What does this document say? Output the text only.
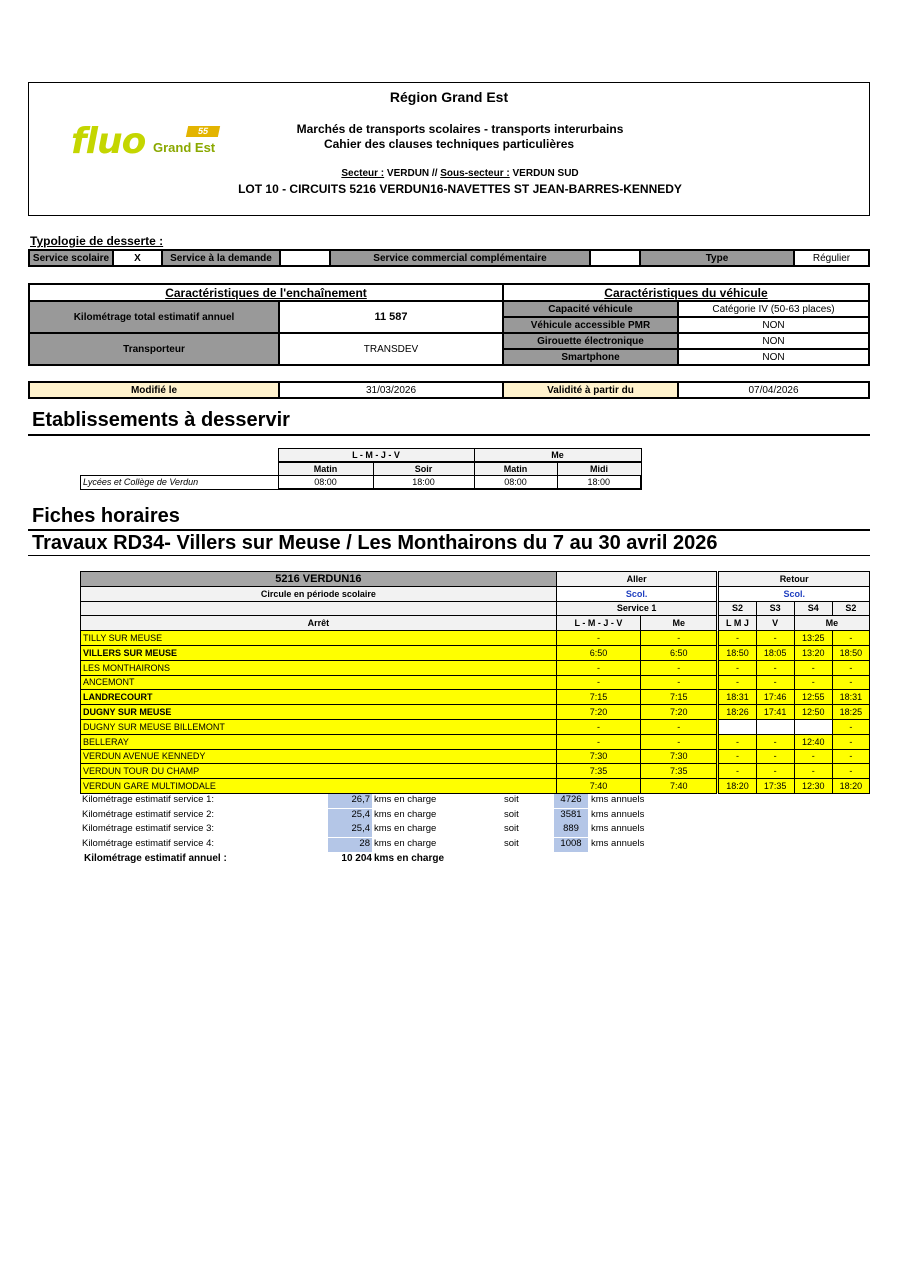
Région Grand Est
fluo	55
Grand Est
Marchés de transports scolaires - transports interurbains
Cahier des clauses techniques particulières
Secteur : VERDUN // Sous-secteur : VERDUN SUD
LOT 10 - CIRCUITS 5216 VERDUN16-NAVETTES ST JEAN-BARRES-KENNEDY
Typologie de desserte :
Service scolaire	X	Service à la demande		Service commercial complémentaire		Type	Régulier
Caractéristiques de l'enchaînement		Caractéristiques du véhicule	
Kilométrage total estimatif annuel	11 587	Capacité véhicule	Catégorie IV (50-63 places)
		Véhicule accessible PMR	NON
Transporteur	TRANSDEV	Girouette électronique	NON
		Smartphone	NON
Modifié le	31/03/2026	Validité à partir du	07/04/2026
Etablissements à desservir
	L - M - J - V		Me	
	Matin	Soir	Matin	Midi
Lycées et Collège de Verdun	08:00	18:00	08:00	18:00
Fiches horaires
Travaux RD34- Villers sur Meuse / Les Monthairons du 7 au 30 avril 2026
5216 VERDUN16	Aller		Retour			
Circule en période scolaire	Scol.		Scol.			
	Service 1		S2	S3	S4	S2
Arrêt	L - M - J - V	Me	L M J	V	Me	
TILLY SUR MEUSE	-	-	-	-	13:25	-
VILLERS SUR MEUSE	6:50	6:50	18:50	18:05	13:20	18:50
LES MONTHAIRONS	-	-	-	-	-	-
ANCEMONT	-	-	-	-	-	-
LANDRECOURT	7:15	7:15	18:31	17:46	12:55	18:31
DUGNY SUR MEUSE	7:20	7:20	18:26	17:41	12:50	18:25
DUGNY SUR MEUSE BILLEMONT	-	-				-
BELLERAY	-	-	-	-	12:40	-
VERDUN AVENUE KENNEDY	7:30	7:30	-	-	-	-
VERDUN TOUR DU CHAMP	7:35	7:35	-	-	-	-
VERDUN GARE MULTIMODALE	7:40	7:40	18:20	17:35	12:30	18:20
Kilométrage estimatif service 1:	26,7 kms en charge	soit	4726 kms annuels
Kilométrage estimatif service 2:	25,4 kms en charge	soit	3581 kms annuels
Kilométrage estimatif service 3:	25,4 kms en charge	soit	889	kms annuels
Kilométrage estimatif service 4:	28 kms en charge	soit	1008 kms annuels
Kilométrage estimatif annuel :	10 204 kms en charge
